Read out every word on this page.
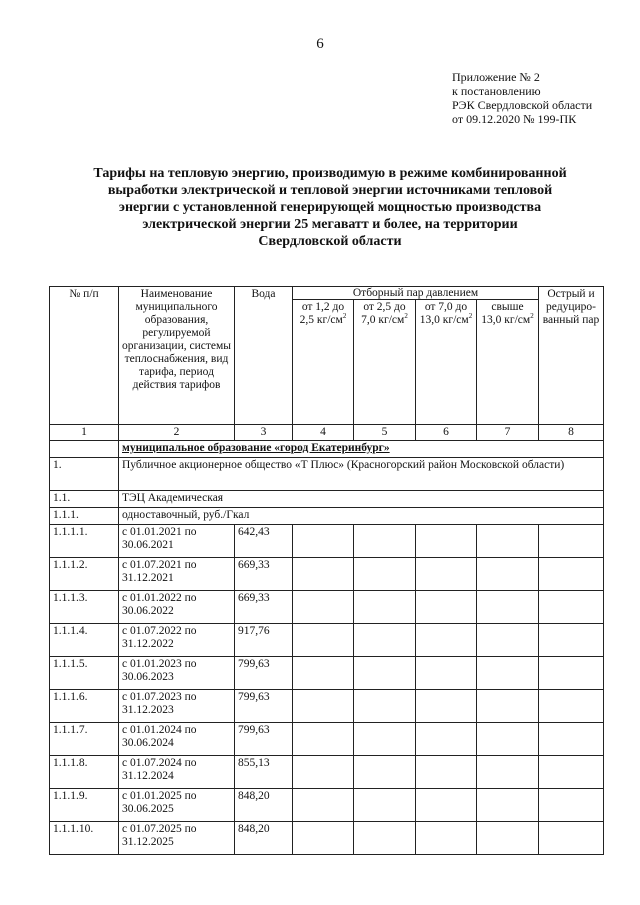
6
Приложение № 2
к постановлению
РЭК Свердловской области
от 09.12.2020 № 199-ПК
Тарифы на тепловую энергию, производимую в режиме комбинированной
выработки электрической и тепловой энергии источниками тепловой
энергии с установленной генерирующей мощностью производства
электрической энергии 25 мегаватт и более, на территории
Свердловской области
№ п/п	Наименование муниципального образования, регулируемой организации, системы теплоснабжения, вид тарифа, период действия тарифов	Вода	Отборный пар давлением				Острый и редуциро-ванный пар
			от 1,2 до 2,5 $кг/см^2$	от 2,5 до 7,0 $кг/см^2$	от 7,0 до 13,0 $кг/см^2$	свыше 13,0 $кг/см^2$
1	2	3	4	5	6	7	8
	муниципальное образование «город Екатеринбург»						
1.	Публичное акционерное общество «Т Плюс» (Красногорский район Московской области)						
1.1.	ТЭЦ Академическая						
1.1.1.	одноставочный, руб./Гкал						
1.1.1.1.	с 01.01.2021 по 30.06.2021	642,43					
1.1.1.2.	с 01.07.2021 по 31.12.2021	669,33					
1.1.1.3.	с 01.01.2022 по 30.06.2022	669,33					
1.1.1.4.	с 01.07.2022 по 31.12.2022	917,76					
1.1.1.5.	с 01.01.2023 по 30.06.2023	799,63					
1.1.1.6.	с 01.07.2023 по 31.12.2023	799,63					
1.1.1.7.	с 01.01.2024 по 30.06.2024	799,63					
1.1.1.8.	с 01.07.2024 по 31.12.2024	855,13					
1.1.1.9.	с 01.01.2025 по 30.06.2025	848,20					
1.1.1.10.	с 01.07.2025 по 31.12.2025	848,20					
